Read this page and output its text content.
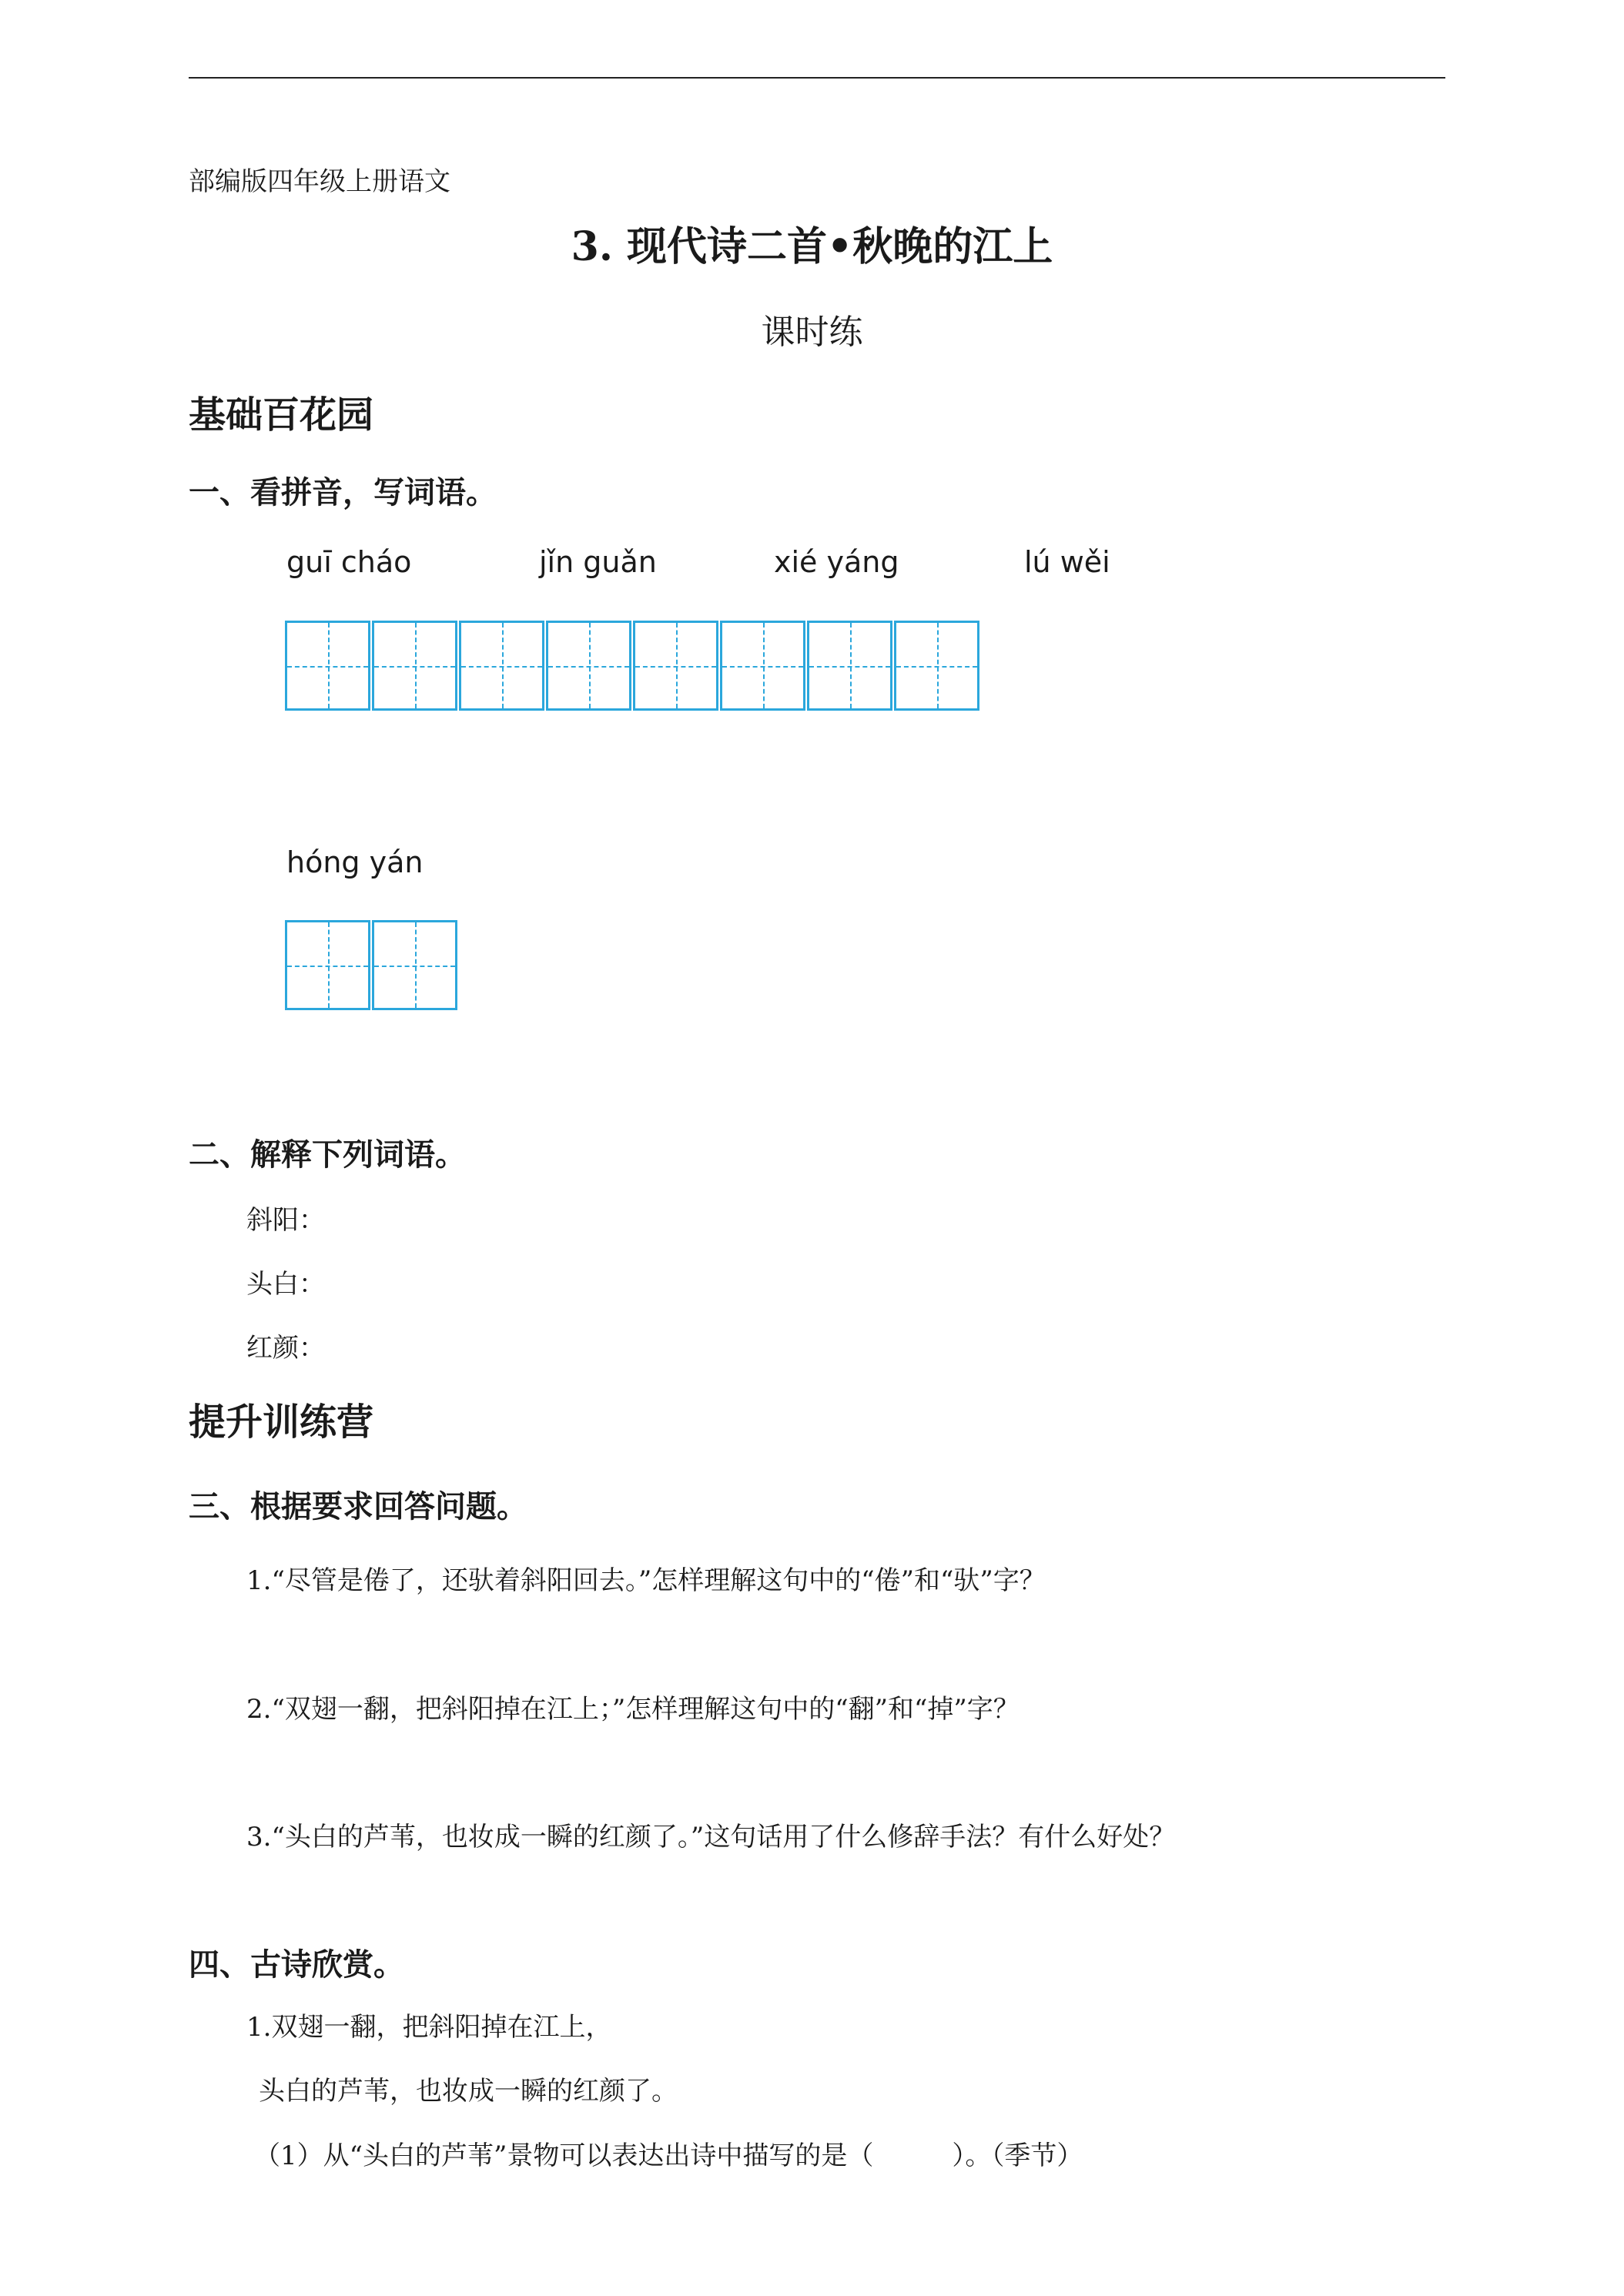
部编版四年级上册语文
3. 现代诗二首•秋晚的江上
课时练
基础百花园
一、看拼音，写词语。
guī cháo	jǐn guǎn	xié yáng	lú wěi
hóng yán
二、解释下列词语。
斜阳：
头白：
红颜：
提升训练营
三、根据要求回答问题。
1.“尽管是倦了，还驮着斜阳回去。”怎样理解这句中的“倦”和“驮”字？
2.“双翅一翻，把斜阳掉在江上；”怎样理解这句中的“翻”和“掉”字？
3.“头白的芦苇，也妆成一瞬的红颜了。”这句话用了什么修辞手法？有什么好处？
四、古诗欣赏。
1.双翅一翻，把斜阳掉在江上，
头白的芦苇，也妆成一瞬的红颜了。
（1）从“头白的芦苇”景物可以表达出诗中描写的是（　　　）。（季节）
